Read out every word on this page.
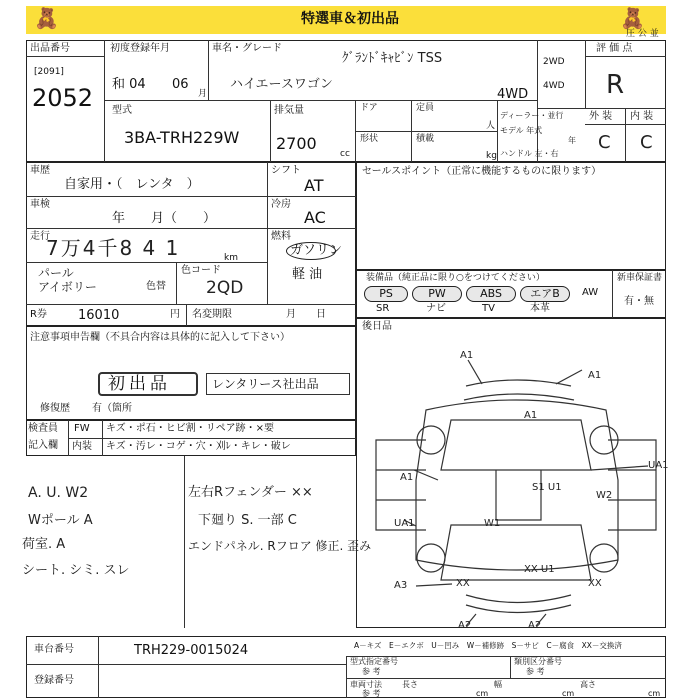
特選車＆初出品
🧸	🧸
出品番号
[2091]
2052
初度登録年月
和 04 06
月
車名・グレード
ｸﾞﾗﾝﾄﾞｷｬﾋﾞﾝ TSS
ハイエースワゴン
2WD
4WD
4WD
型式
3BA-TRH229W
排気量
2700
cc
ドア	定員
人
形状	積載
kg
ディーラー・並行
モデル 年式
年
ハンドル 左・右
評 価 点
圧 公 並
R
外 装 内 装
C C
車歴
自家用・（　レンタ　）
シフト
AT
車検
年　　月（　　）
冷房
AC
走行
7万4千8 4 1	km
燃料
ガソリン
軽 油
パール
アイボリー	色替
色コード
2QD
R券 16010	円 名変期限	月　　日
セールスポイント（正常に機能するものに限ります）
装備品（純正品に限り○をつけてください）	新車保証書
有・無
PS	PW	ABS	エアB	AW
SR	ナビ	TV	本革
後日品
注意事項申告欄（不具合内容は具体的に記入して下さい）
初出品	レンタリース社出品
修復歴 有（箇所
検査員
記入欄
FW キズ・ポ石・ヒビ割・リペア跡・×要
内装 キズ・汚レ・コゲ・穴・刈ﾚ・キレ・破レ
A. U. W2
Wポール A
荷室. A
シート. シミ. スレ
左右Rフェンダー ××
下廻り S. 一部 C
エンドパネル. Rフロア 修正. 歪み
A1
A1
A1
S1 U1
W2
UA1
A1
UA1	W1
XX U1
A3	XX	XX
A2	A2
車台番号	TRH229-0015024	A－キズ　E－エクボ　U－凹み　W－補修跡　S－サビ　C－腐食　XX－交換済
登録番号
型式指定番号
参 考
類別区分番号
参 考
車両寸法
参 考
長さ
cm
幅
cm
高さ
cm
